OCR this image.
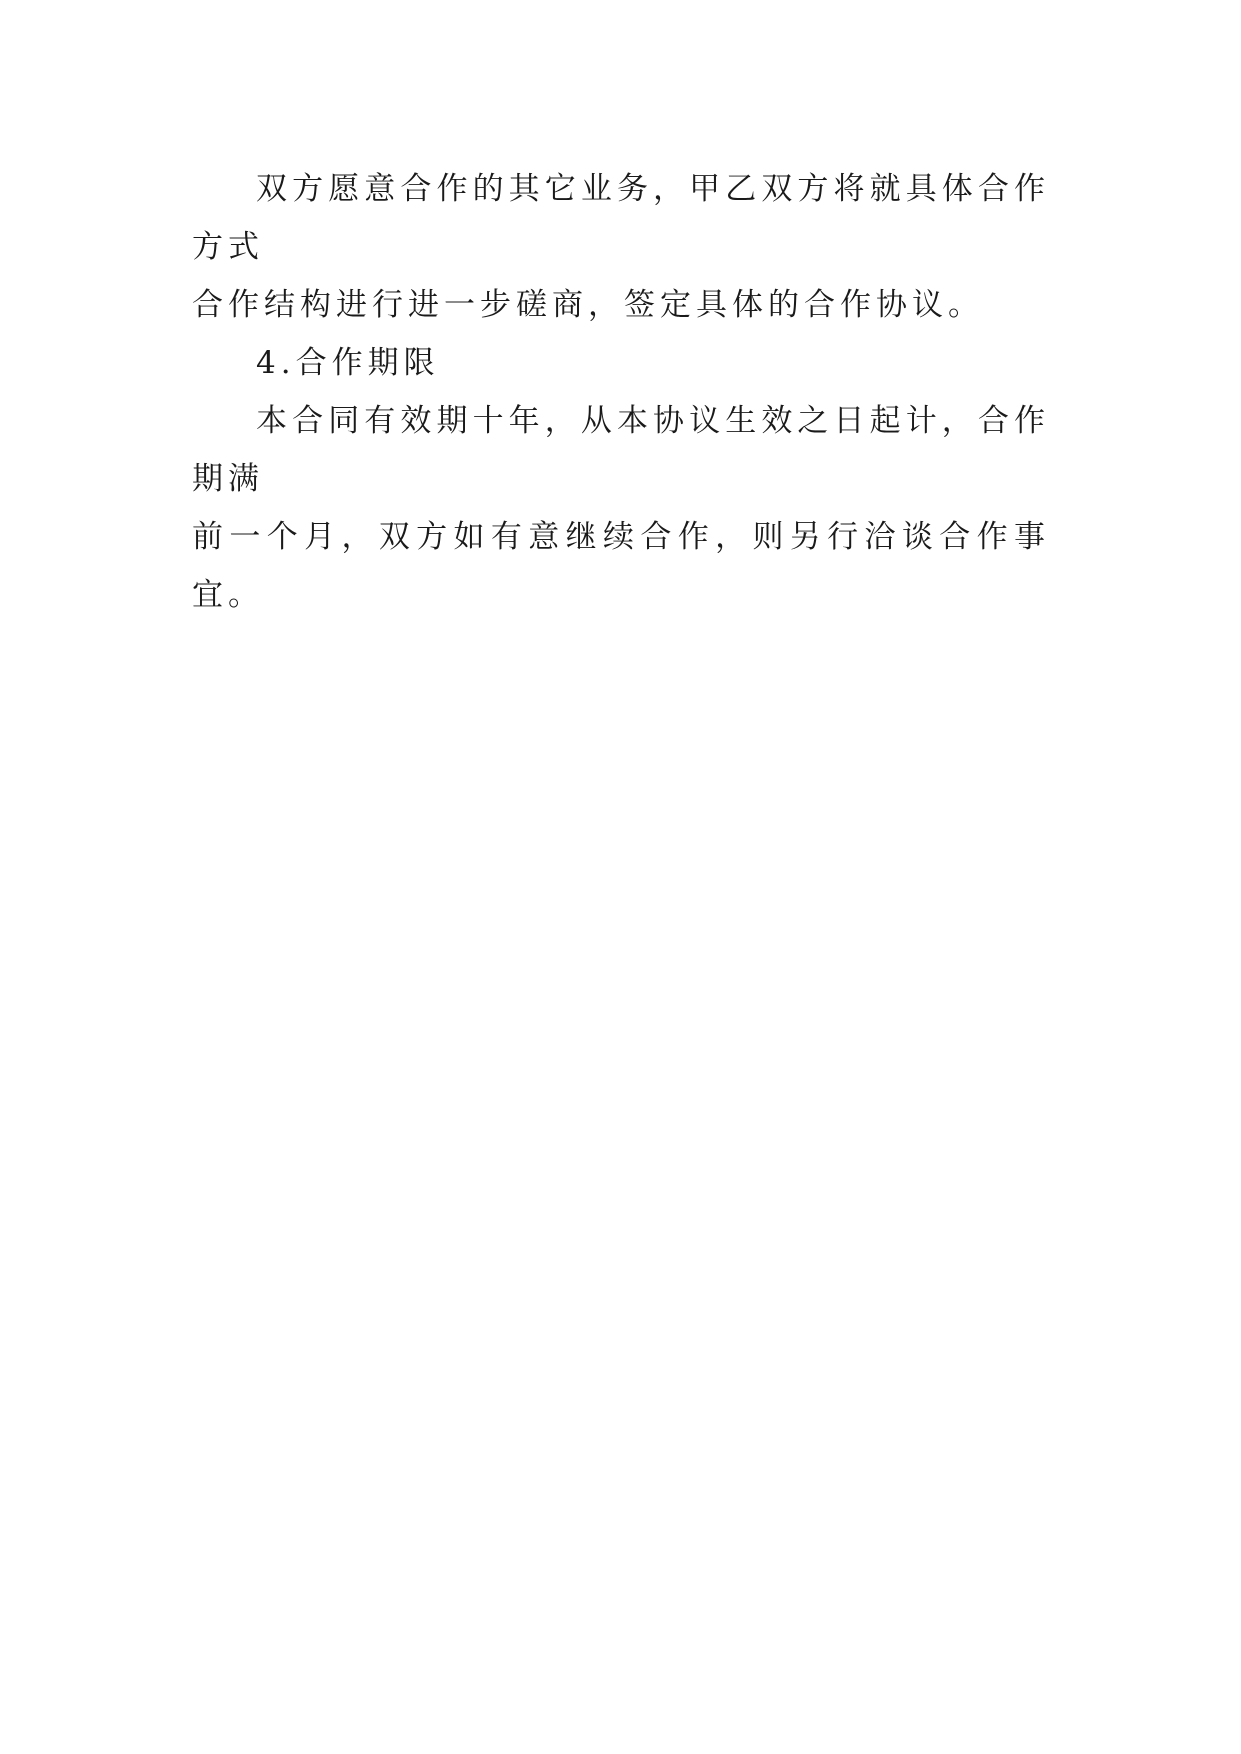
双方愿意合作的其它业务，甲乙双方将就具体合作方式
合作结构进行进一步磋商，签定具体的合作协议。

4.合作期限

本合同有效期十年，从本协议生效之日起计，合作期满
前一个月，双方如有意继续合作，则另行洽谈合作事宜。
